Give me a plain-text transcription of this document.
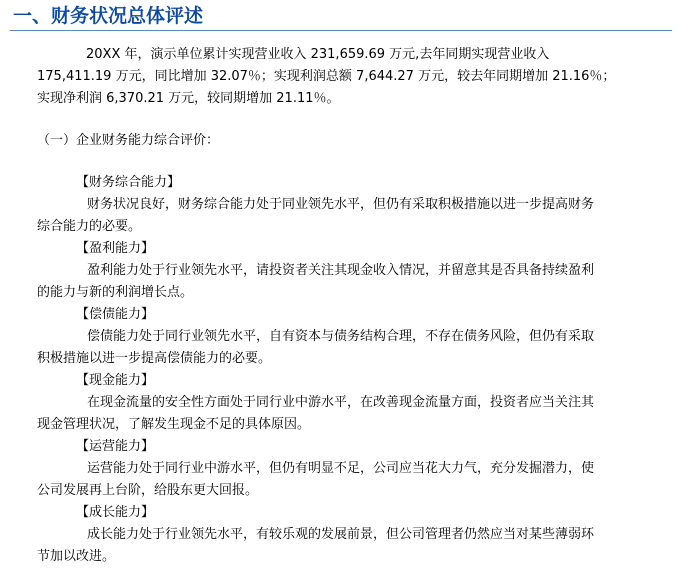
一、财务状况总体评述
20XX 年，演示单位累计实现营业收入 231,659.69 万元,去年同期实现营业收入
175,411.19 万元，同比增加 32.07％；实现利润总额 7,644.27 万元，较去年同期增加 21.16％；
实现净利润 6,370.21 万元，较同期增加 21.11％。
（一）企业财务能力综合评价：
【财务综合能力】
财务状况良好，财务综合能力处于同业领先水平，但仍有采取积极措施以进一步提高财务
综合能力的必要。
【盈利能力】
盈利能力处于行业领先水平，请投资者关注其现金收入情况，并留意其是否具备持续盈利
的能力与新的利润增长点。
【偿债能力】
偿债能力处于同行业领先水平，自有资本与债务结构合理，不存在债务风险，但仍有采取
积极措施以进一步提高偿债能力的必要。
【现金能力】
在现金流量的安全性方面处于同行业中游水平，在改善现金流量方面，投资者应当关注其
现金管理状况，了解发生现金不足的具体原因。
【运营能力】
运营能力处于同行业中游水平，但仍有明显不足，公司应当花大力气，充分发掘潜力，使
公司发展再上台阶，给股东更大回报。
【成长能力】
成长能力处于行业领先水平，有较乐观的发展前景，但公司管理者仍然应当对某些薄弱环
节加以改进。
